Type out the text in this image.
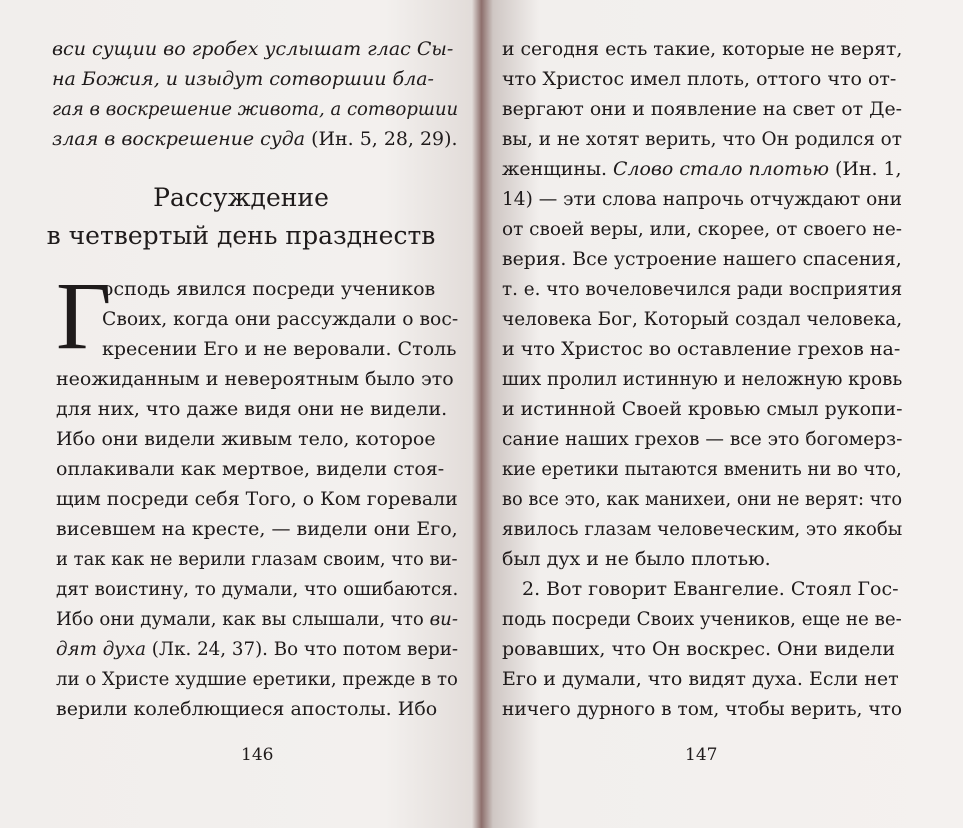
вси сущии во гробех услышат глас Сы-
на Божия, и изыдут сотворшии бла-
гая в воскрешение живота, а сотворшии
злая в воскрешение суда (Ин. 5, 28, 29).
Рассуждение
в четвертый день празднеств
Г
осподь явился посреди учеников
Своих, когда они рассуждали о вос-
кресении Его и не веровали. Столь
неожиданным и невероятным было это
для них, что даже видя они не видели.
Ибо они видели живым тело, которое
оплакивали как мертвое, видели стоя-
щим посреди себя Того, о Ком горевали
висевшем на кресте, — видели они Его,
и так как не верили глазам своим, что ви-
дят воистину, то думали, что ошибаются.
Ибо они думали, как вы слышали, что ви-
дят духа (Лк. 24, 37). Во что потом вери-
ли о Христе худшие еретики, прежде в то
верили колеблющиеся апостолы. Ибо
146
и сегодня есть такие, которые не верят,
что Христос имел плоть, оттого что от-
вергают они и появление на свет от Де-
вы, и не хотят верить, что Он родился от
женщины. Слово стало плотью (Ин. 1,
14) — эти слова напрочь отчуждают они
от своей веры, или, скорее, от своего не-
верия. Все устроение нашего спасения,
т. е. что вочеловечился ради восприятия
человека Бог, Который создал человека,
и что Христос во оставление грехов на-
ших пролил истинную и неложную кровь
и истинной Своей кровью смыл рукопи-
сание наших грехов — все это богомерз-
кие еретики пытаются вменить ни во что,
во все это, как манихеи, они не верят: что
явилось глазам человеческим, это якобы
был дух и не было плотью.
2. Вот говорит Евангелие. Стоял Гос-
подь посреди Своих учеников, еще не ве-
ровавших, что Он воскрес. Они видели
Его и думали, что видят духа. Если нет
ничего дурного в том, чтобы верить, что
147
